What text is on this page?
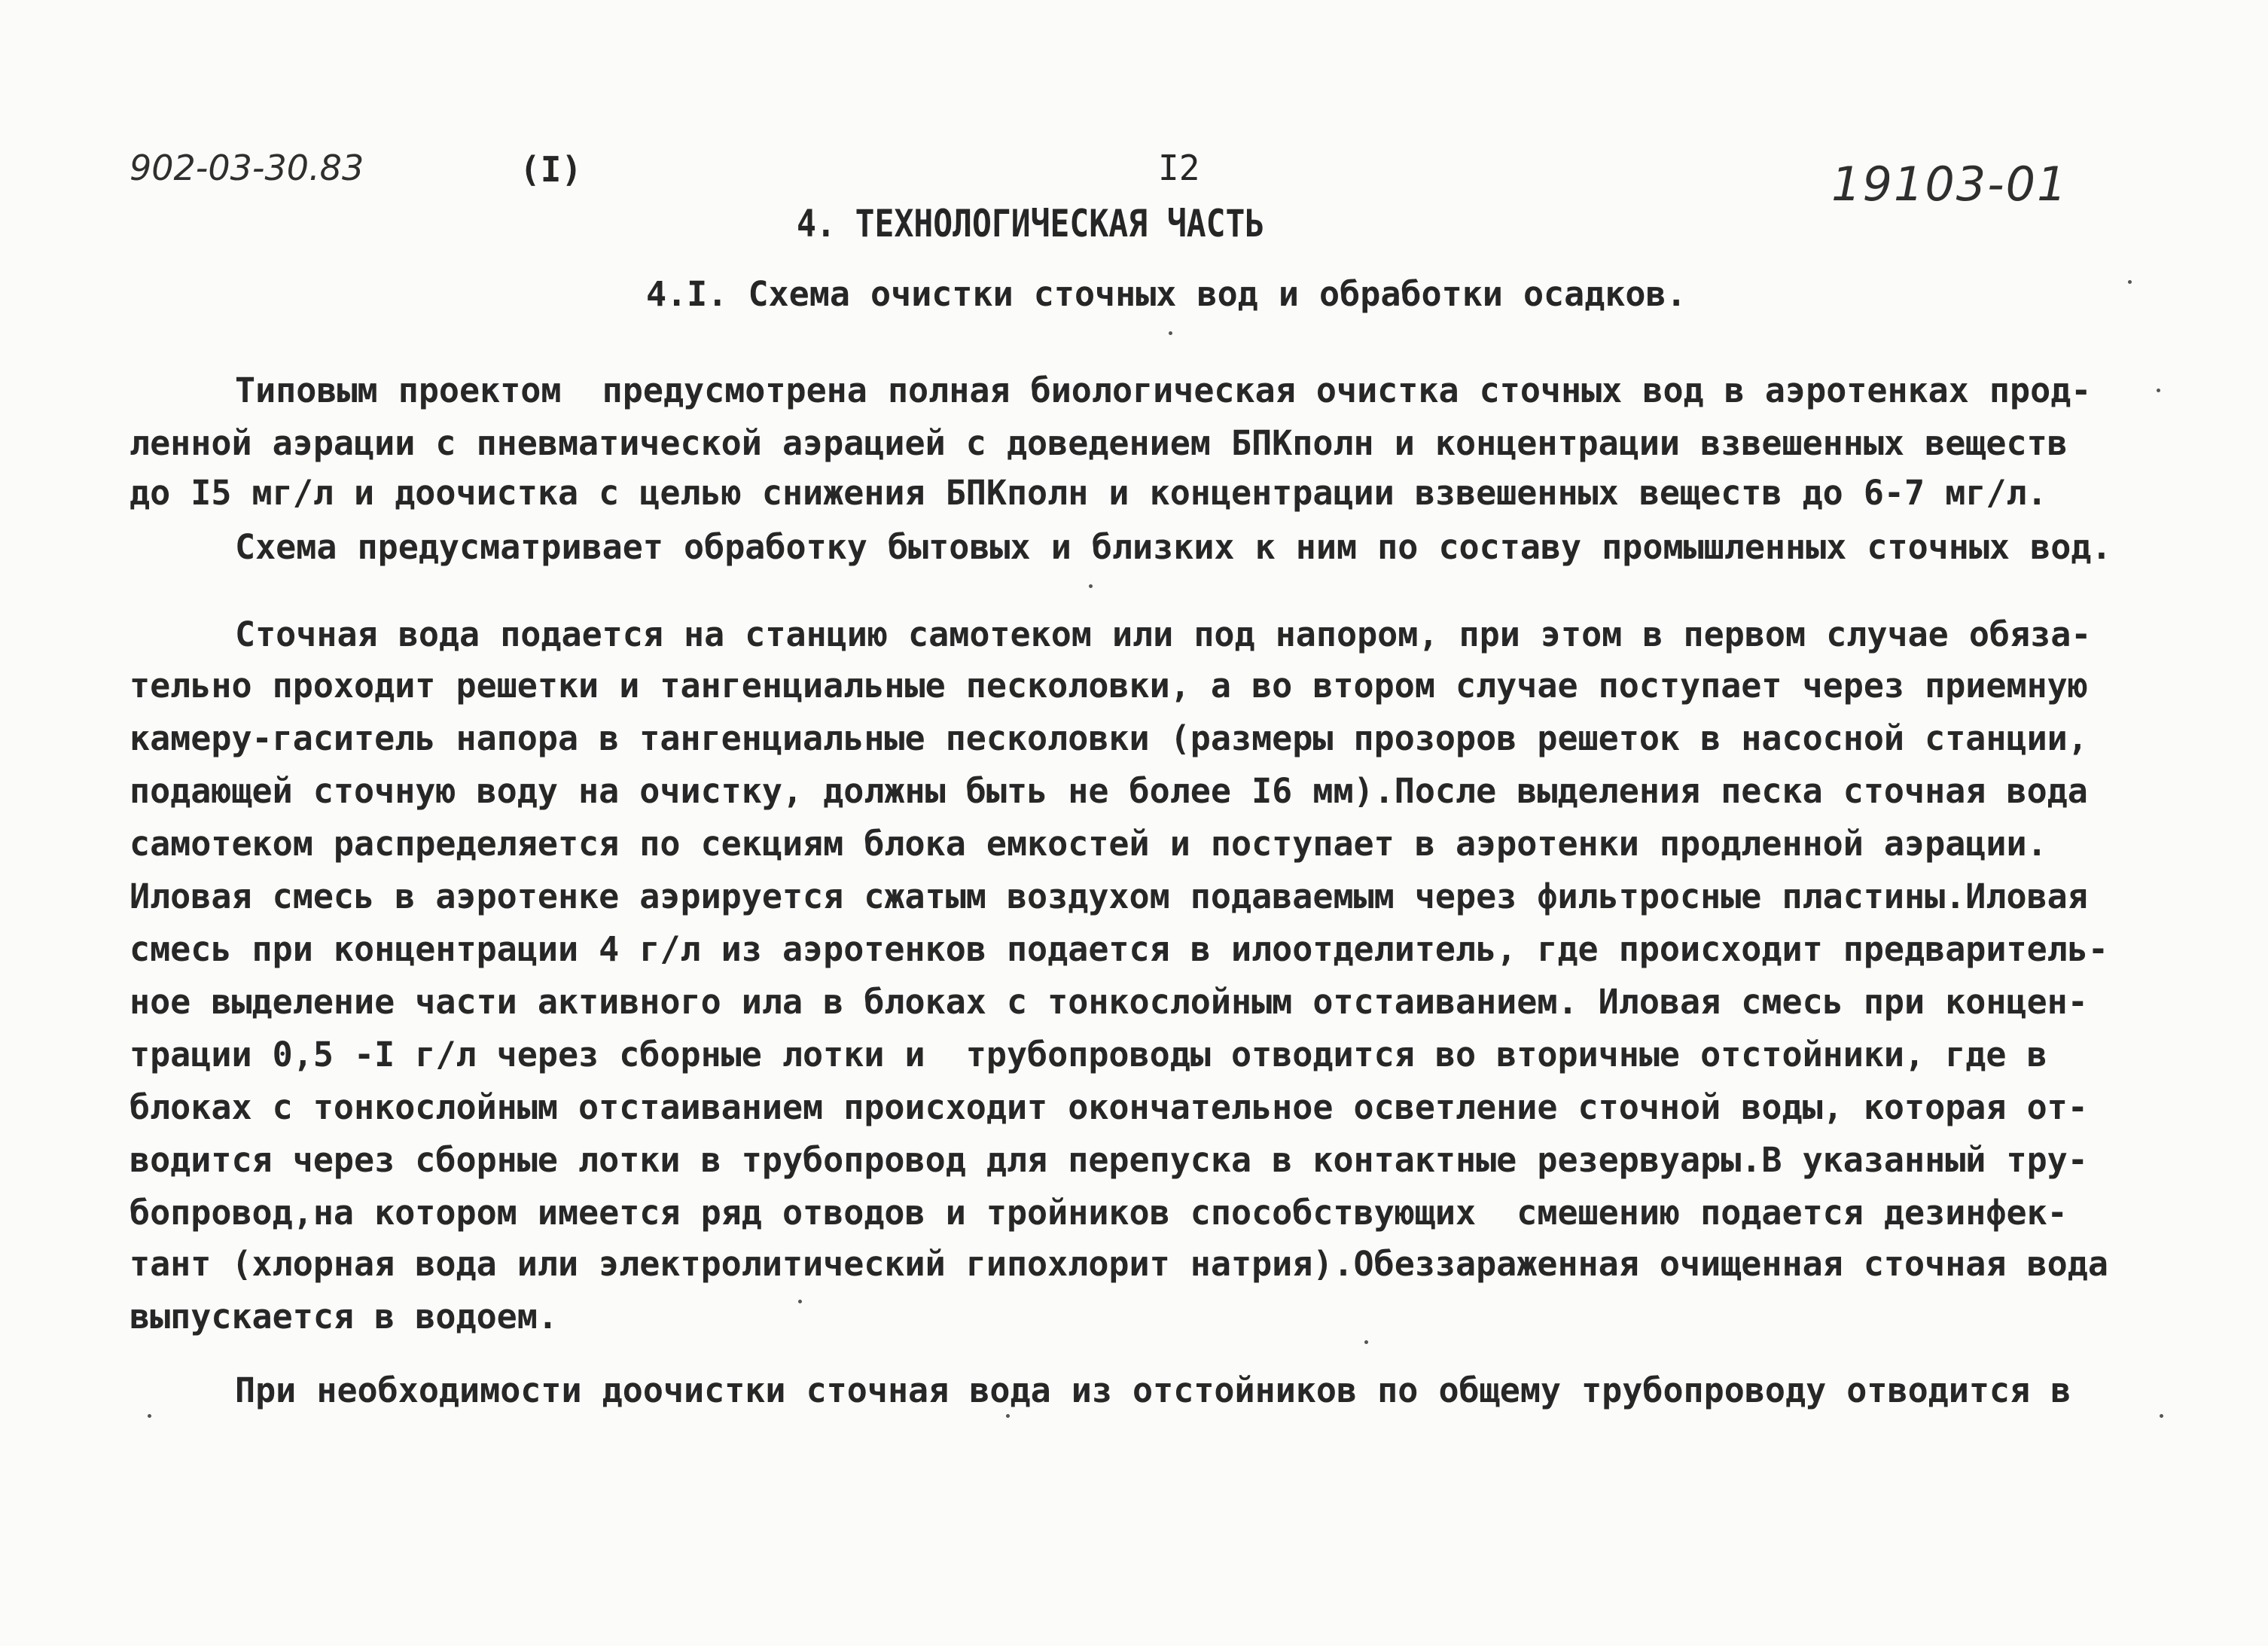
902-03-30.83	(I)	I2	19103-01
4. ТЕХНОЛОГИЧЕСКАЯ ЧАСТЬ
4.I. Схема очистки сточных вод и обработки осадков.
Типовым проектом  предусмотрена полная биологическая очистка сточных вод в аэротенках прод-
ленной аэрации с пневматической аэрацией с доведением БПКполн и концентрации взвешенных веществ
до I5 мг/л и доочистка с целью снижения БПКполн и концентрации взвешенных веществ до 6-7 мг/л.
Схема предусматривает обработку бытовых и близких к ним по составу промышленных сточных вод.
Сточная вода подается на станцию самотеком или под напором, при этом в первом случае обяза-
тельно проходит решетки и тангенциальные песколовки, а во втором случае поступает через приемную
камеру-гаситель напора в тангенциальные песколовки (размеры прозоров решеток в насосной станции,
подающей сточную воду на очистку, должны быть не более I6 мм).После выделения песка сточная вода
самотеком распределяется по секциям блока емкостей и поступает в аэротенки продленной аэрации.
Иловая смесь в аэротенке аэрируется сжатым воздухом подаваемым через фильтросные пластины.Иловая
смесь при концентрации 4 г/л из аэротенков подается в илоотделитель, где происходит предваритель-
ное выделение части активного ила в блоках с тонкослойным отстаиванием. Иловая смесь при концен-
трации 0,5 -I г/л через сборные лотки и  трубопроводы отводится во вторичные отстойники, где в
блоках с тонкослойным отстаиванием происходит окончательное осветление сточной воды, которая от-
водится через сборные лотки в трубопровод для перепуска в контактные резервуары.В указанный тру-
бопровод,на котором имеется ряд отводов и тройников способствующих  смешению подается дезинфек-
тант (хлорная вода или электролитический гипохлорит натрия).Обеззараженная очищенная сточная вода
выпускается в водоем.
При необходимости доочистки сточная вода из отстойников по общему трубопроводу отводится в
